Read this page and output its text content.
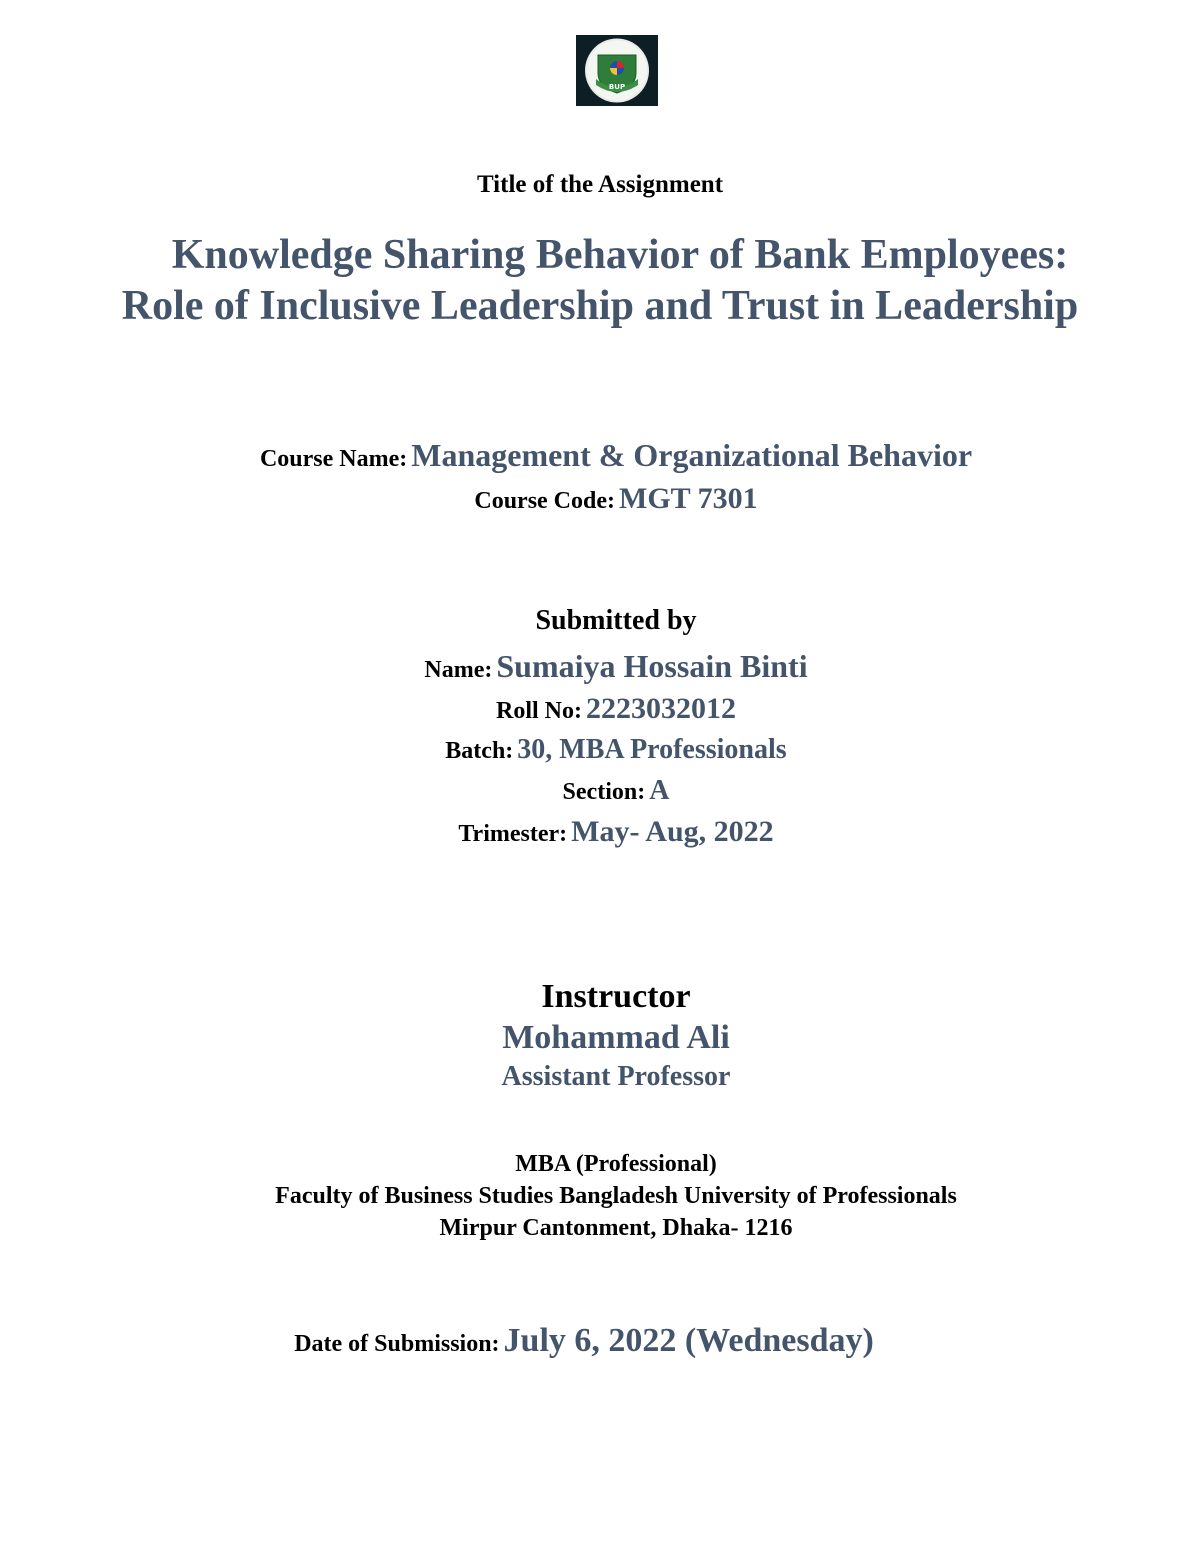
BUP
Title of the Assignment
Knowledge Sharing Behavior of Bank Employees:
Role of Inclusive Leadership and Trust in Leadership
Course Name: Management & Organizational Behavior
Course Code: MGT 7301
Submitted by
Name: Sumaiya Hossain Binti
Roll No: 2223032012
Batch: 30, MBA Professionals
Section: A
Trimester: May- Aug, 2022
Instructor
Mohammad Ali
Assistant Professor
MBA (Professional)
Faculty of Business Studies Bangladesh University of Professionals
Mirpur Cantonment, Dhaka- 1216
Date of Submission: July 6, 2022 (Wednesday)
